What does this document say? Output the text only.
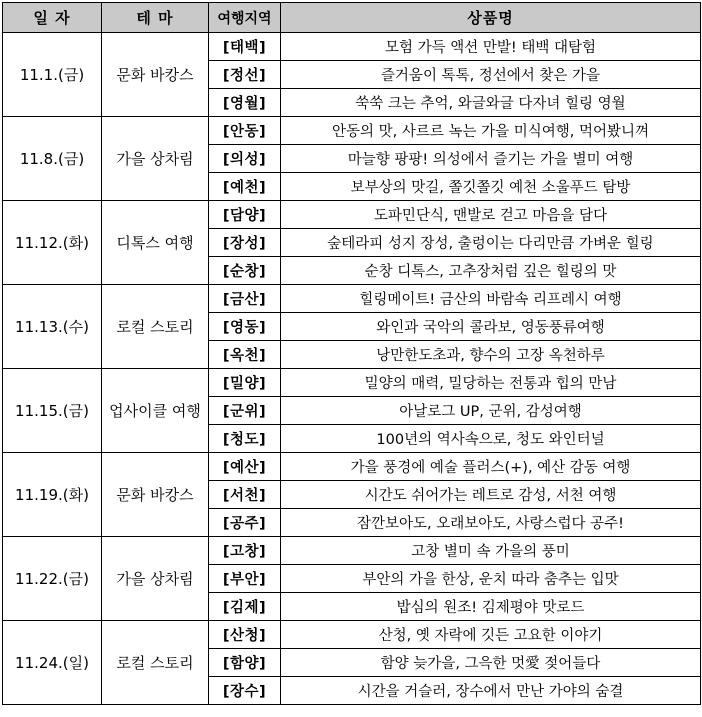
일 자	테 마	여행지역	상품명
11.1.(금)	문화 바캉스	[태백]	모험 가득 액션 만발! 태백 대탐험
		[정선]	즐거움이 톡톡, 정선에서 찾은 가을
		[영월]	쑥쑥 크는 추억, 와글와글 다자녀 힐링 영월
11.8.(금)	가을 상차림	[안동]	안동의 맛, 사르르 녹는 가을 미식여행, 먹어봤니껴
		[의성]	마늘향 팡팡! 의성에서 즐기는 가을 별미 여행
		[예천]	보부상의 맛길, 쫄깃쫄깃 예천 소울푸드 탐방
11.12.(화)	디톡스 여행	[담양]	도파민단식, 맨발로 걷고 마음을 담다
		[장성]	숲테라피 성지 장성, 출렁이는 다리만큼 가벼운 힐링
		[순창]	순창 디톡스, 고추장처럼 깊은 힐링의 맛
11.13.(수)	로컬 스토리	[금산]	힐링메이트! 금산의 바람속 리프레시 여행
		[영동]	와인과 국악의 콜라보, 영동풍류여행
		[옥천]	낭만한도초과, 향수의 고장 옥천하루
11.15.(금)	업사이클 여행	[밀양]	밀양의 매력, 밀당하는 전통과 힙의 만남
		[군위]	아날로그 UP, 군위, 감성여행
		[청도]	100년의 역사속으로, 청도 와인터널
11.19.(화)	문화 바캉스	[예산]	가을 풍경에 예술 플러스(+), 예산 감동 여행
		[서천]	시간도 쉬어가는 레트로 감성, 서천 여행
		[공주]	잠깐보아도, 오래보아도, 사랑스럽다 공주!
11.22.(금)	가을 상차림	[고창]	고창 별미 속 가을의 풍미
		[부안]	부안의 가을 한상, 운치 따라 춤추는 입맛
		[김제]	밥심의 원조! 김제평야 맛로드
11.24.(일)	로컬 스토리	[산청]	산청, 옛 자락에 깃든 고요한 이야기
		[함양]	함양 늦가을, 그윽한 멋愛 젖어들다
		[장수]	시간을 거슬러, 장수에서 만난 가야의 숨결
